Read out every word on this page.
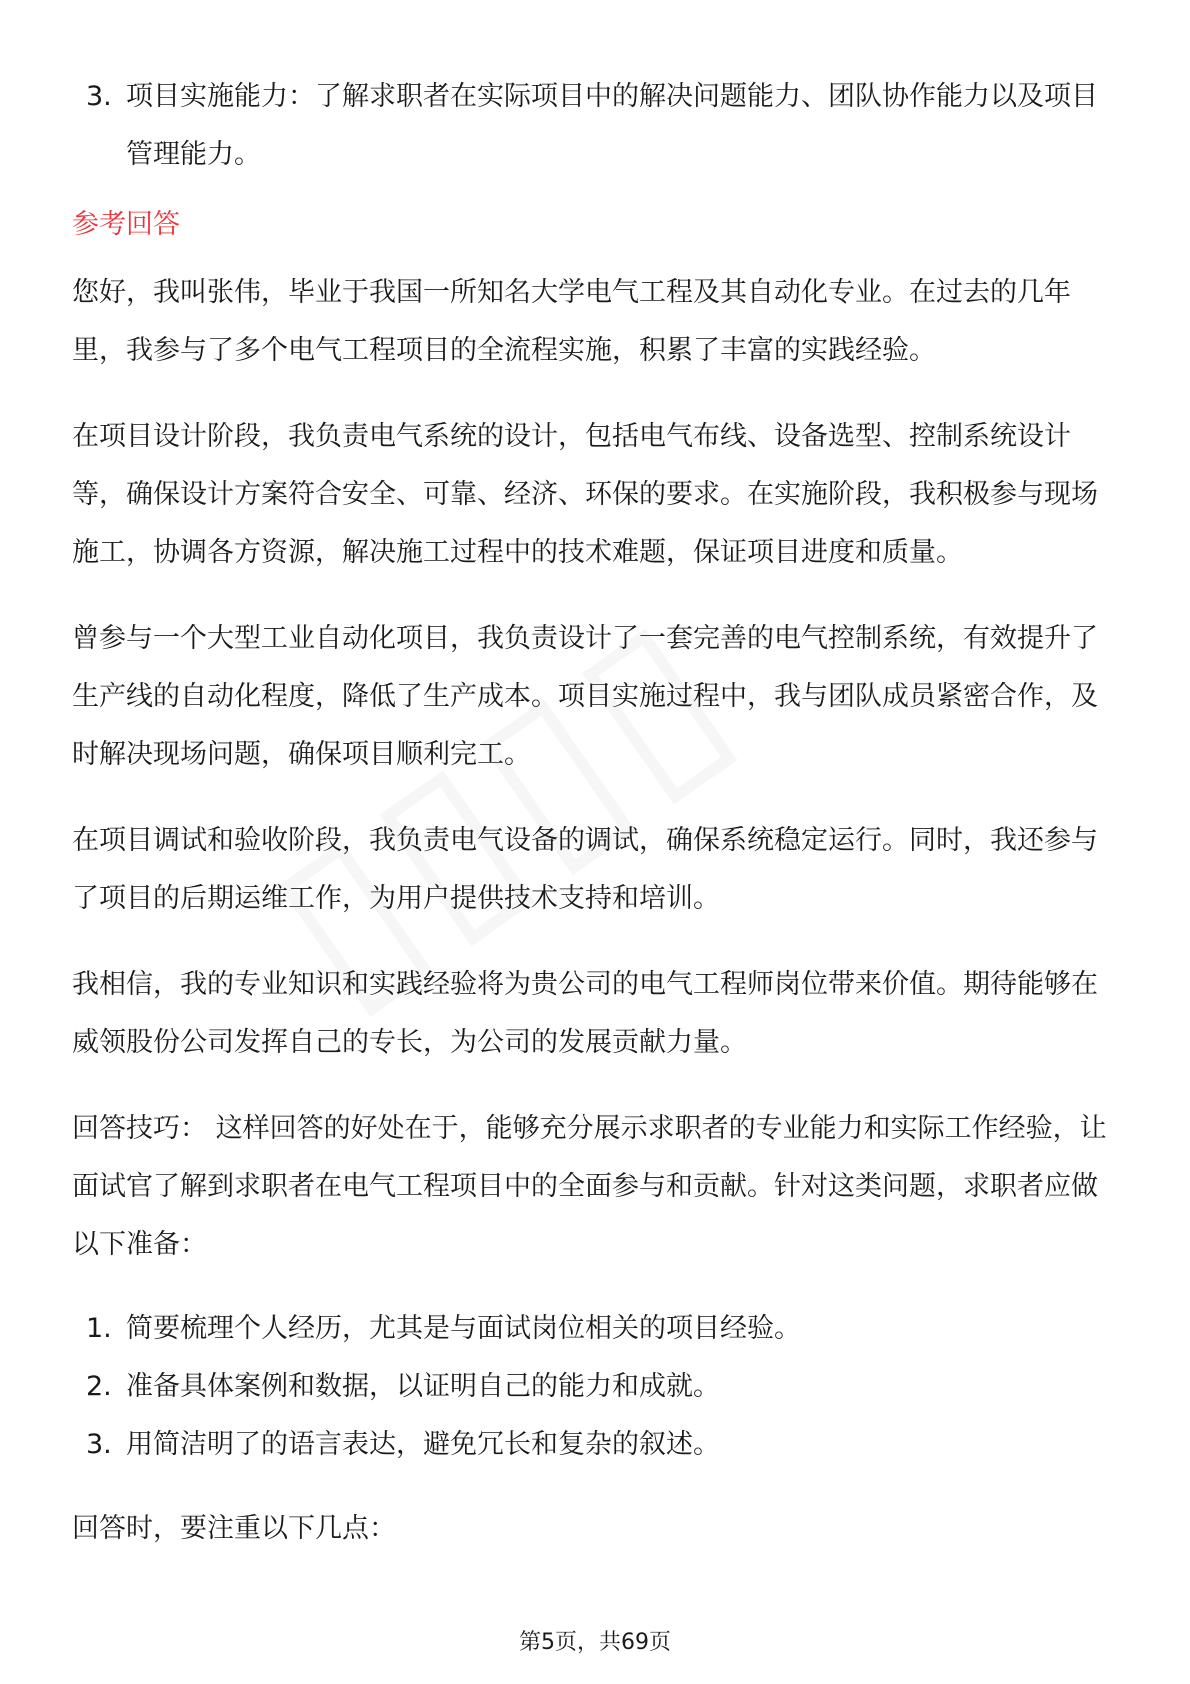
3. 项目实施能力：了解求职者在实际项目中的解决问题能力、团队协作能力以及项目管理能力。
参考回答

您好，我叫张伟，毕业于我国一所知名大学电气工程及其自动化专业。在过去的几年里，我参与了多个电气工程项目的全流程实施，积累了丰富的实践经验。

在项目设计阶段，我负责电气系统的设计，包括电气布线、设备选型、控制系统设计等，确保设计方案符合安全、可靠、经济、环保的要求。在实施阶段，我积极参与现场施工，协调各方资源，解决施工过程中的技术难题，保证项目进度和质量。

曾参与一个大型工业自动化项目，我负责设计了一套完善的电气控制系统，有效提升了生产线的自动化程度，降低了生产成本。项目实施过程中，我与团队成员紧密合作，及时解决现场问题，确保项目顺利完工。

在项目调试和验收阶段，我负责电气设备的调试，确保系统稳定运行。同时，我还参与了项目的后期运维工作，为用户提供技术支持和培训。

我相信，我的专业知识和实践经验将为贵公司的电气工程师岗位带来价值。期待能够在威领股份公司发挥自己的专长，为公司的发展贡献力量。

回答技巧： 这样回答的好处在于，能够充分展示求职者的专业能力和实际工作经验，让面试官了解到求职者在电气工程项目中的全面参与和贡献。针对这类问题，求职者应做以下准备：

1. 简要梳理个人经历，尤其是与面试岗位相关的项目经验。
2. 准备具体案例和数据，以证明自己的能力和成就。
3. 用简洁明了的语言表达，避免冗长和复杂的叙述。

回答时，要注重以下几点：

第5页，共69页
